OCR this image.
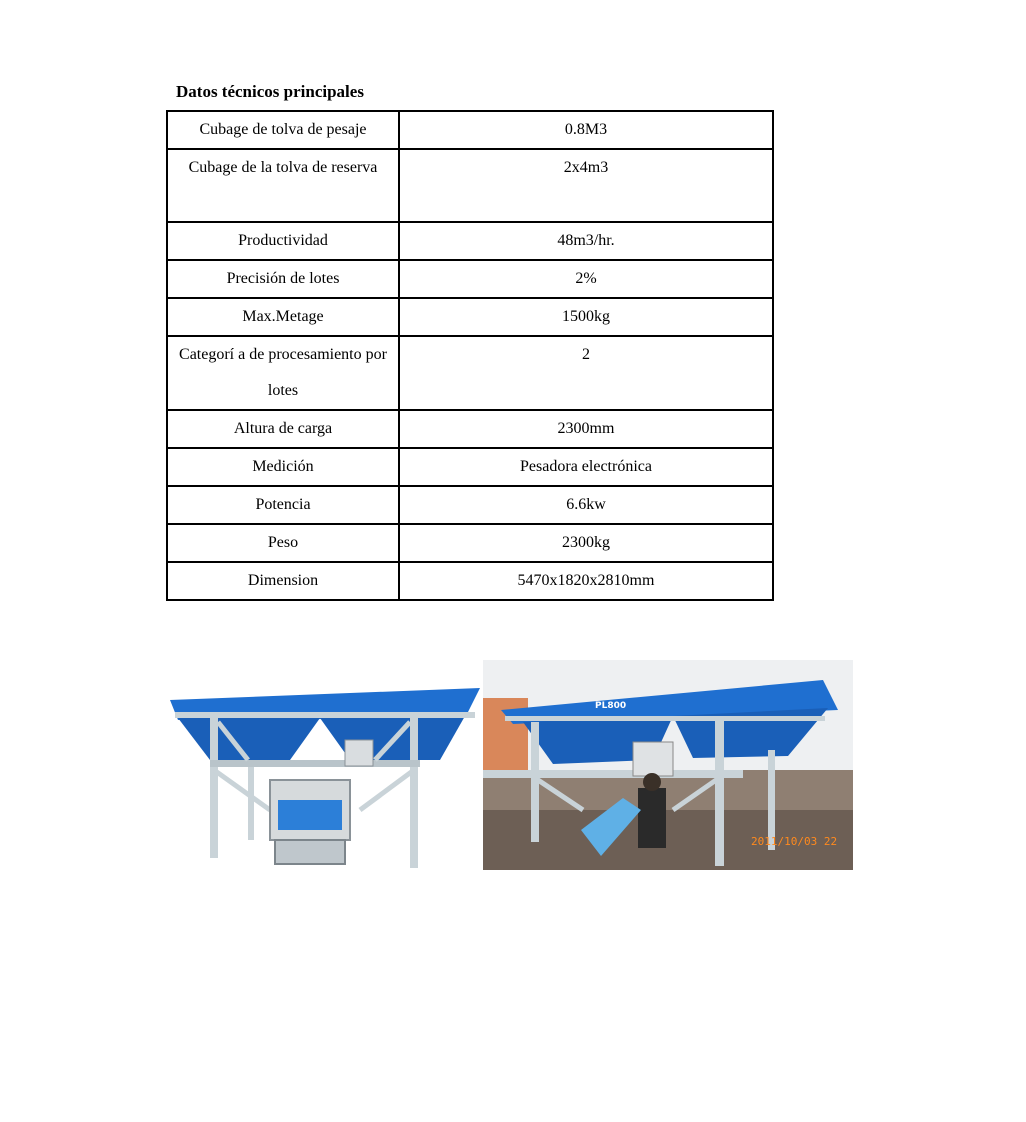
Datos técnicos principales
Cubage de tolva de pesaje	0.8M3
Cubage de la tolva de reserva	2x4m3
Productividad	48m3/hr.
Precisión de lotes	2%
Max.Metage	1500kg
Categorí a de procesamiento por lotes	2
Altura de carga	2300mm
Medición	Pesadora electrónica
Potencia	6.6kw
Peso	2300kg
Dimension	5470x1820x2810mm
PL800
2011/10/03 22
